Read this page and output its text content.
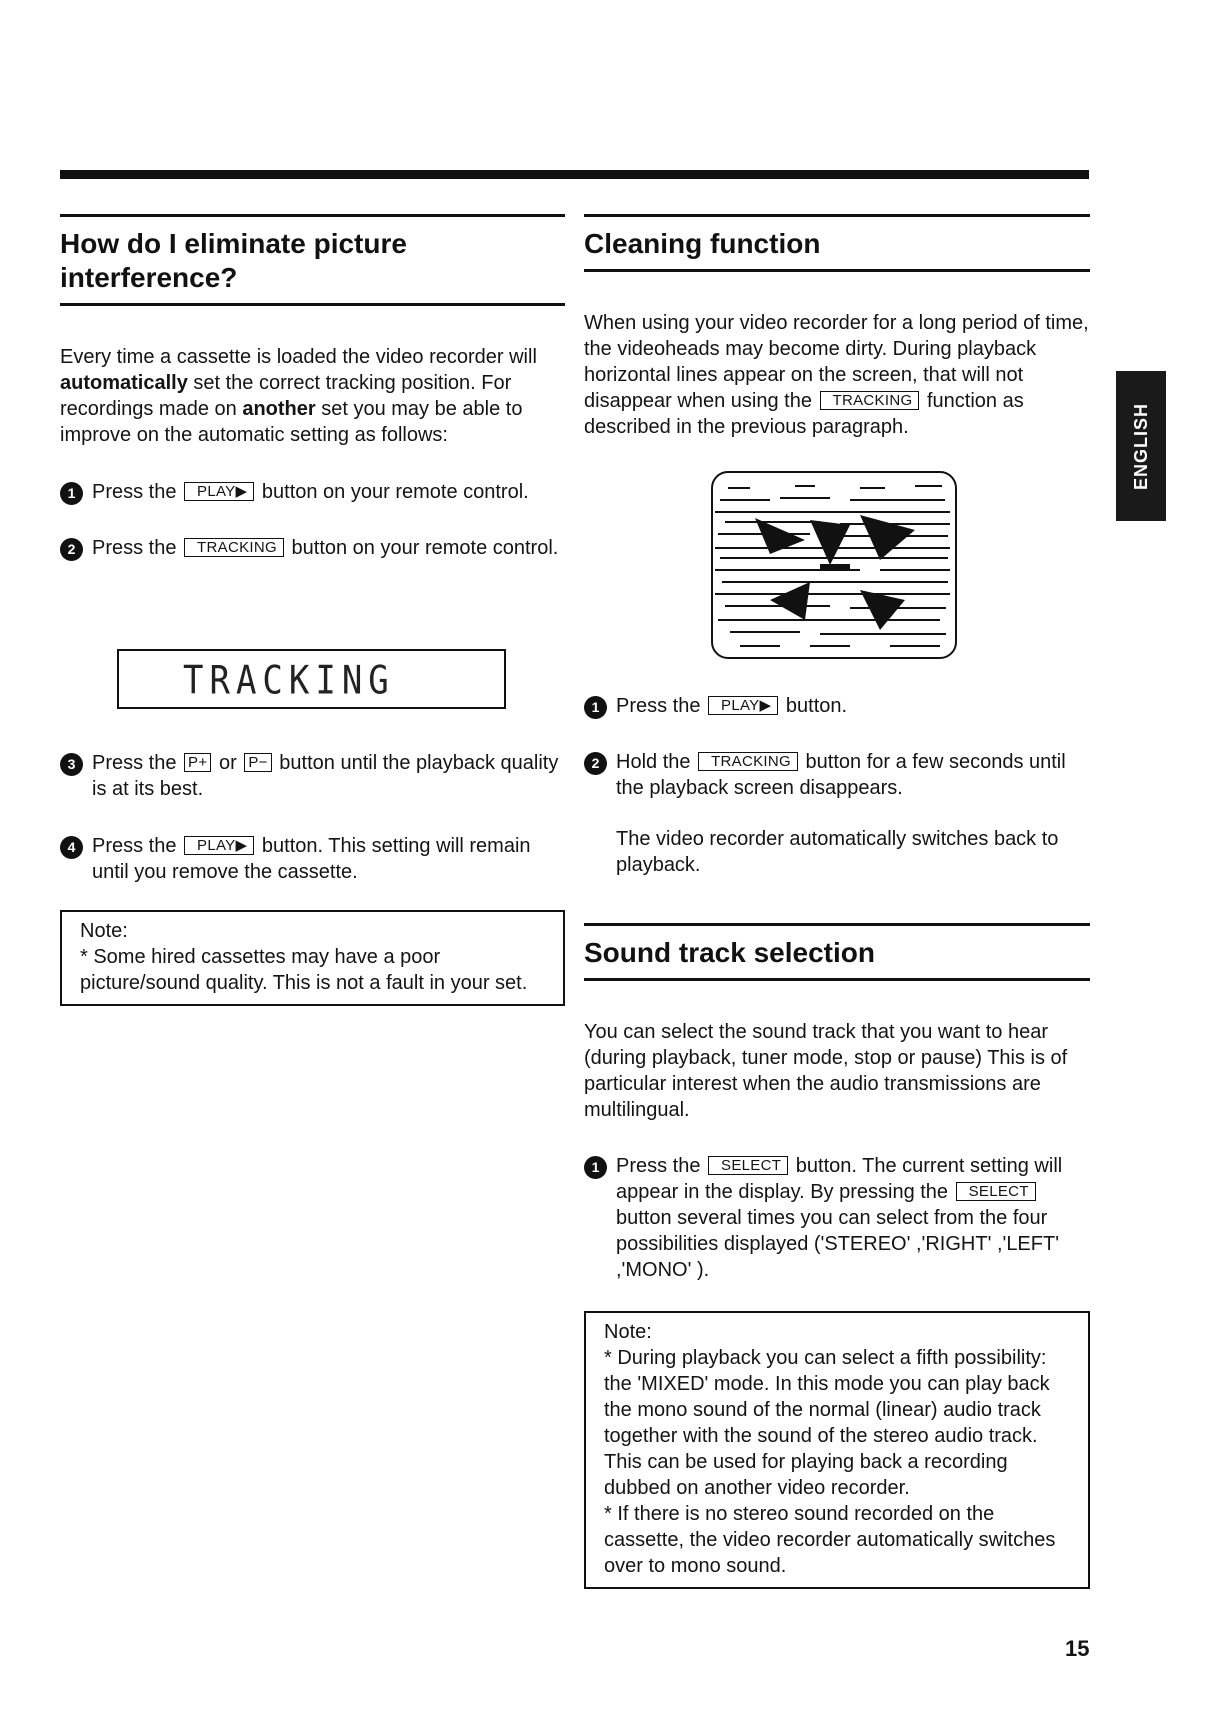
How do I eliminate picture interference?

Every time a cassette is loaded the video recorder will automatically set the correct tracking position. For recordings made on another set you may be able to improve on the automatic setting as follows:

1 Press the PLAY▶ button on your remote control.
2 Press the TRACKING button on your remote control.
TRACKING
3 Press the P+ or P− button until the playback quality is at its best.
4 Press the PLAY▶ button. This setting will remain until you remove the cassette.
Note:
* Some hired cassettes may have a poor picture/sound quality. This is not a fault in your set.
Cleaning function

When using your video recorder for a long period of time, the videoheads may become dirty. During playback horizontal lines appear on the screen, that will not disappear when using the TRACKING function as described in the previous paragraph.

1 Press the PLAY▶ button.
2 Hold the TRACKING button for a few seconds until the playback screen disappears.

The video recorder automatically switches back to playback.

Sound track selection

You can select the sound track that you want to hear (during playback, tuner mode, stop or pause) This is of particular interest when the audio transmissions are multilingual.

1 Press the SELECT button. The current setting will appear in the display. By pressing the SELECT button several times you can select from the four possibilities displayed ('STEREO' ,'RIGHT' ,'LEFT' ,'MONO' ).
Note:
* During playback you can select a fifth possibility: the 'MIXED' mode. In this mode you can play back the mono sound of the normal (linear) audio track together with the sound of the stereo audio track. This can be used for playing back a recording dubbed on another video recorder.
* If there is no stereo sound recorded on the cassette, the video recorder automatically switches over to mono sound.
ENGLISH
15
